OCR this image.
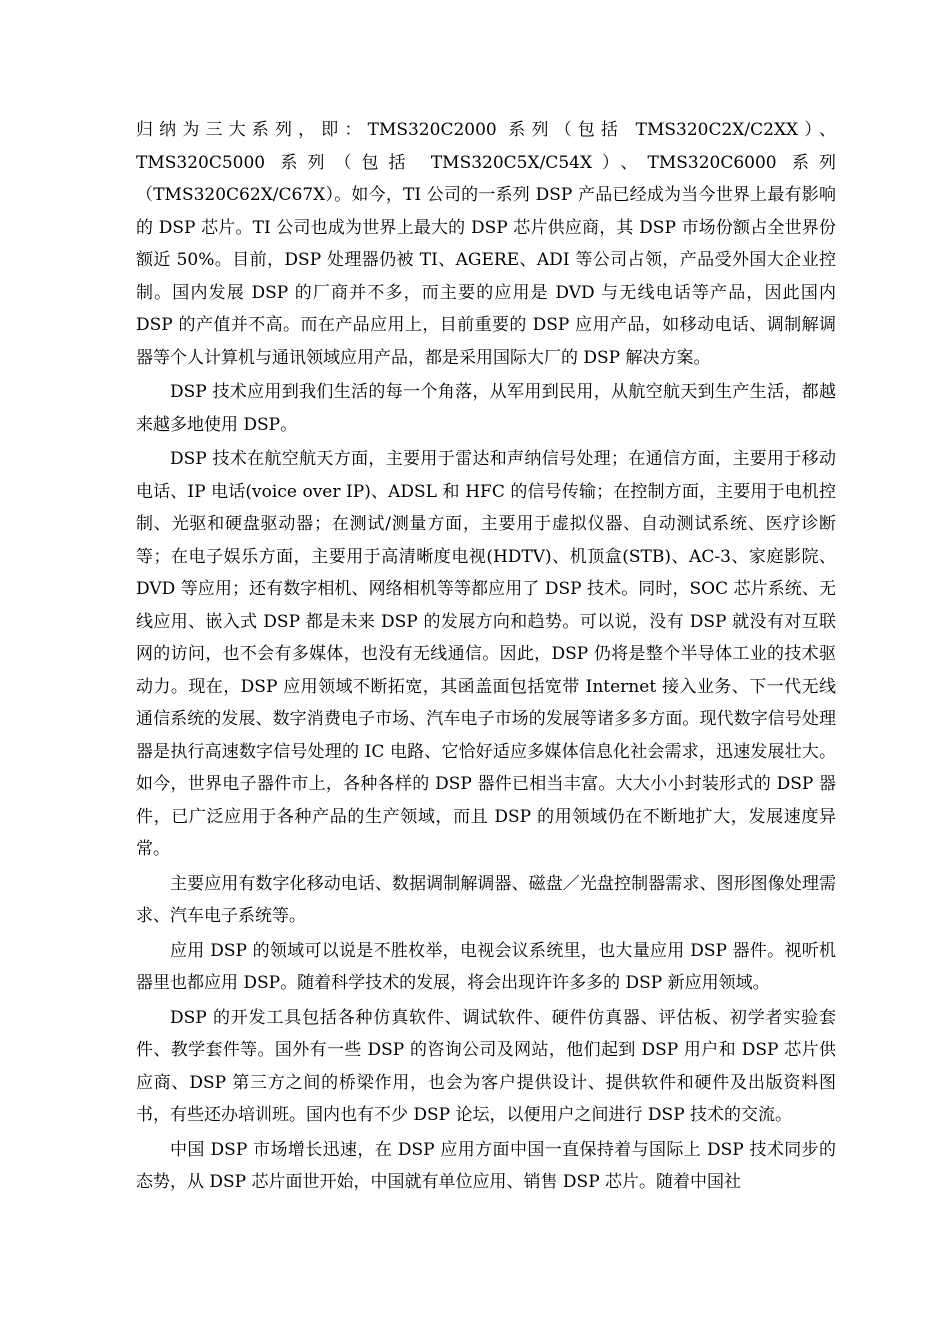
归纳为三大系列，即：TMS320C2000 系列（包括 TMS320C2X/C2XX）、TMS320C5000 系列（包括 TMS320C5X/C54X）、TMS320C6000 系列（TMS320C62X/C67X）。如今，TI 公司的一系列 DSP 产品已经成为当今世界上最有影响的 DSP 芯片。TI 公司也成为世界上最大的 DSP 芯片供应商，其 DSP 市场份额占全世界份额近 50%。目前，DSP 处理器仍被 TI、AGERE、ADI 等公司占领，产品受外国大企业控制。国内发展 DSP 的厂商并不多，而主要的应用是 DVD 与无线电话等产品，因此国内 DSP 的产值并不高。而在产品应用上，目前重要的 DSP 应用产品，如移动电话、调制解调器等个人计算机与通讯领域应用产品，都是采用国际大厂的 DSP 解决方案。

DSP 技术应用到我们生活的每一个角落，从军用到民用，从航空航天到生产生活，都越来越多地使用 DSP。

DSP 技术在航空航天方面，主要用于雷达和声纳信号处理；在通信方面，主要用于移动电话、IP 电话(voice over IP)、ADSL 和 HFC 的信号传输；在控制方面，主要用于电机控制、光驱和硬盘驱动器；在测试/测量方面，主要用于虚拟仪器、自动测试系统、医疗诊断等；在电子娱乐方面，主要用于高清晰度电视(HDTV)、机顶盒(STB)、AC-3、家庭影院、DVD 等应用；还有数字相机、网络相机等等都应用了 DSP 技术。同时，SOC 芯片系统、无线应用、嵌入式 DSP 都是未来 DSP 的发展方向和趋势。可以说，没有 DSP 就没有对互联网的访问，也不会有多媒体，也没有无线通信。因此，DSP 仍将是整个半导体工业的技术驱动力。现在，DSP 应用领域不断拓宽，其函盖面包括宽带 Internet 接入业务、下一代无线通信系统的发展、数字消费电子市场、汽车电子市场的发展等诸多多方面。现代数字信号处理器是执行高速数字信号处理的 IC 电路、它恰好适应多媒体信息化社会需求，迅速发展壮大。如今，世界电子器件市上，各种各样的 DSP 器件已相当丰富。大大小小封装形式的 DSP 器件，已广泛应用于各种产品的生产领域，而且 DSP 的用领域仍在不断地扩大，发展速度异常。

主要应用有数字化移动电话、数据调制解调器、磁盘／光盘控制器需求、图形图像处理需求、汽车电子系统等。

应用 DSP 的领域可以说是不胜枚举，电视会议系统里，也大量应用 DSP 器件。视听机器里也都应用 DSP。随着科学技术的发展，将会出现许许多多的 DSP 新应用领域。

DSP 的开发工具包括各种仿真软件、调试软件、硬件仿真器、评估板、初学者实验套件、教学套件等。国外有一些 DSP 的咨询公司及网站，他们起到 DSP 用户和 DSP 芯片供应商、DSP 第三方之间的桥梁作用，也会为客户提供设计、提供软件和硬件及出版资料图书，有些还办培训班。国内也有不少 DSP 论坛，以便用户之间进行 DSP 技术的交流。

中国 DSP 市场增长迅速，在 DSP 应用方面中国一直保持着与国际上 DSP 技术同步的态势，从 DSP 芯片面世开始，中国就有单位应用、销售 DSP 芯片。随着中国社
